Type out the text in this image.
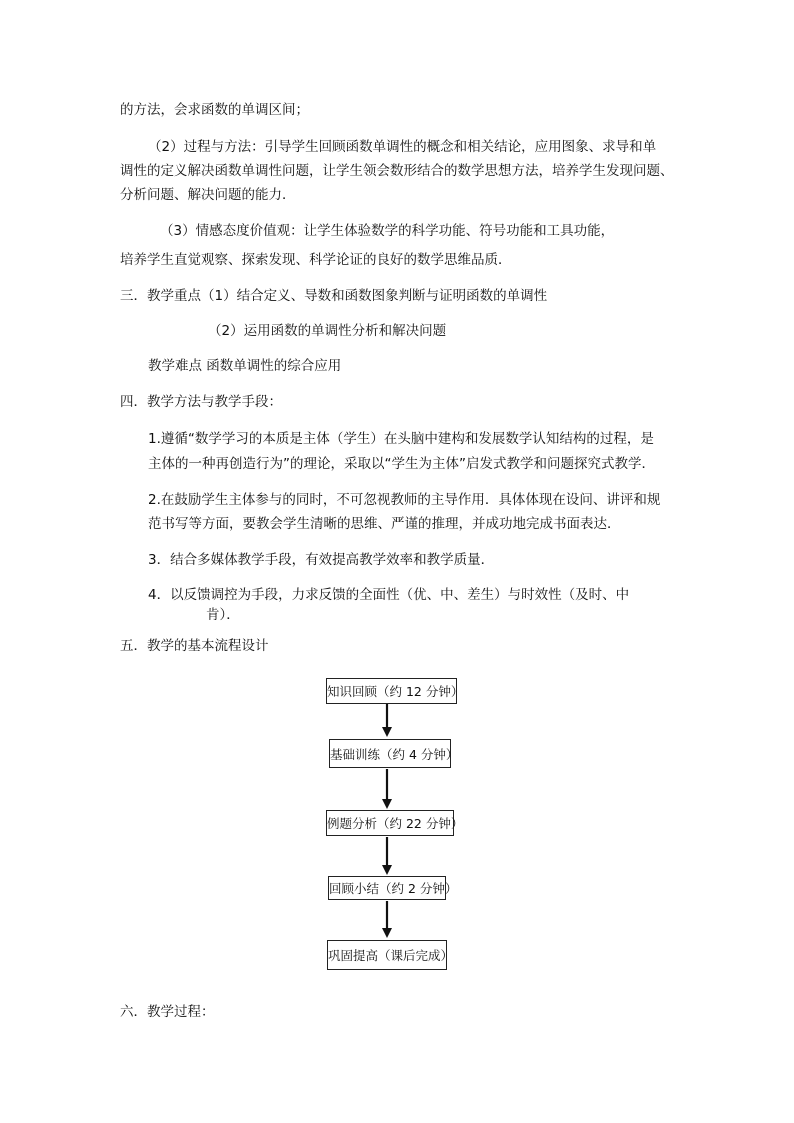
的方法，会求函数的单调区间；
（2）过程与方法：引导学生回顾函数单调性的概念和相关结论，应用图象、求导和单
调性的定义解决函数单调性问题，让学生领会数形结合的数学思想方法，培养学生发现问题、
分析问题、解决问题的能力．
（3）情感态度价值观：让学生体验数学的科学功能、符号功能和工具功能，
培养学生直觉观察、探索发现、科学论证的良好的数学思维品质．
三．教学重点（1）结合定义、导数和函数图象判断与证明函数的单调性
（2）运用函数的单调性分析和解决问题
教学难点 函数单调性的综合应用
四．教学方法与教学手段：
1.遵循“数学学习的本质是主体（学生）在头脑中建构和发展数学认知结构的过程，是
主体的一种再创造行为”的理论，采取以“学生为主体”启发式教学和问题探究式教学．
2.在鼓励学生主体参与的同时，不可忽视教师的主导作用．具体体现在设问、讲评和规
范书写等方面，要教会学生清晰的思维、严谨的推理，并成功地完成书面表达．
3．结合多媒体教学手段，有效提高教学效率和教学质量．
4．以反馈调控为手段，力求反馈的全面性（优、中、差生）与时效性（及时、中
肯）．
五．教学的基本流程设计
知识回顾（约 12 分钟）
基础训练（约 4 分钟）
例题分析（约 22 分钟）
回顾小结（约 2 分钟）
巩固提高（课后完成）
六．教学过程：
